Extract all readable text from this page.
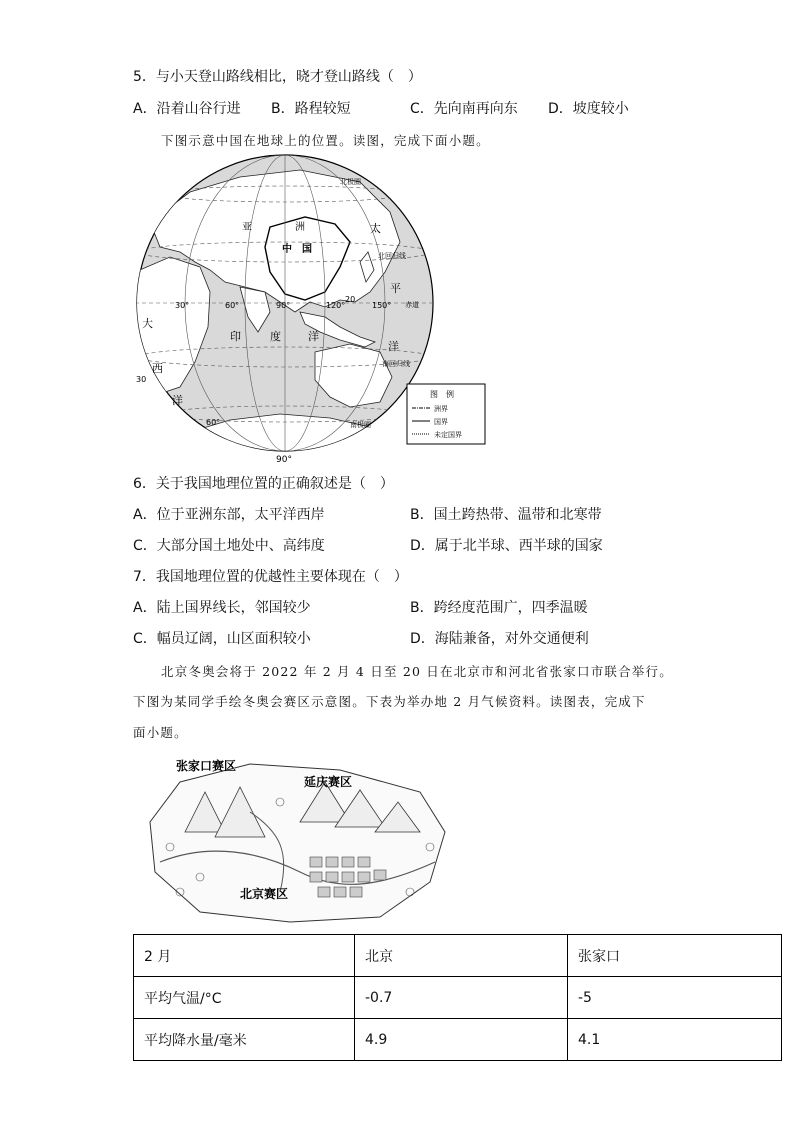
5．与小天登山路线相比，晓才登山路线（　）
A．沿着山谷行进 B．路程较短	C．先向南再向东 D．坡度较小
下图示意中国在地球上的位置。读图，完成下面小题。
亚	洲
中　国
太
平
洋
印	度 洋
大
西
洋
北极圈
北回归线
赤道
南回归线
南极圈
30°	60°	90°	120°	150°
30
60°
20
90°
图　例
洲界
国界
未定国界
6．关于我国地理位置的正确叙述是（　）
A．位于亚洲东部，太平洋西岸	B．国土跨热带、温带和北寒带
C．大部分国土地处中、高纬度	D．属于北半球、西半球的国家
7．我国地理位置的优越性主要体现在（　）
A．陆上国界线长，邻国较少	B．跨经度范围广，四季温暖
C．幅员辽阔，山区面积较小	D．海陆兼备，对外交通便利
北京冬奥会将于 2022 年 2 月 4 日至 20 日在北京市和河北省张家口市联合举行。
下图为某同学手绘冬奥会赛区示意图。下表为举办地 2 月气候资料。读图表，完成下
面小题。
张家口赛区
延庆赛区
北京赛区
2 月	北京	张家口
平均气温/°C	-0.7	-5
平均降水量/毫米	4.9	4.1
